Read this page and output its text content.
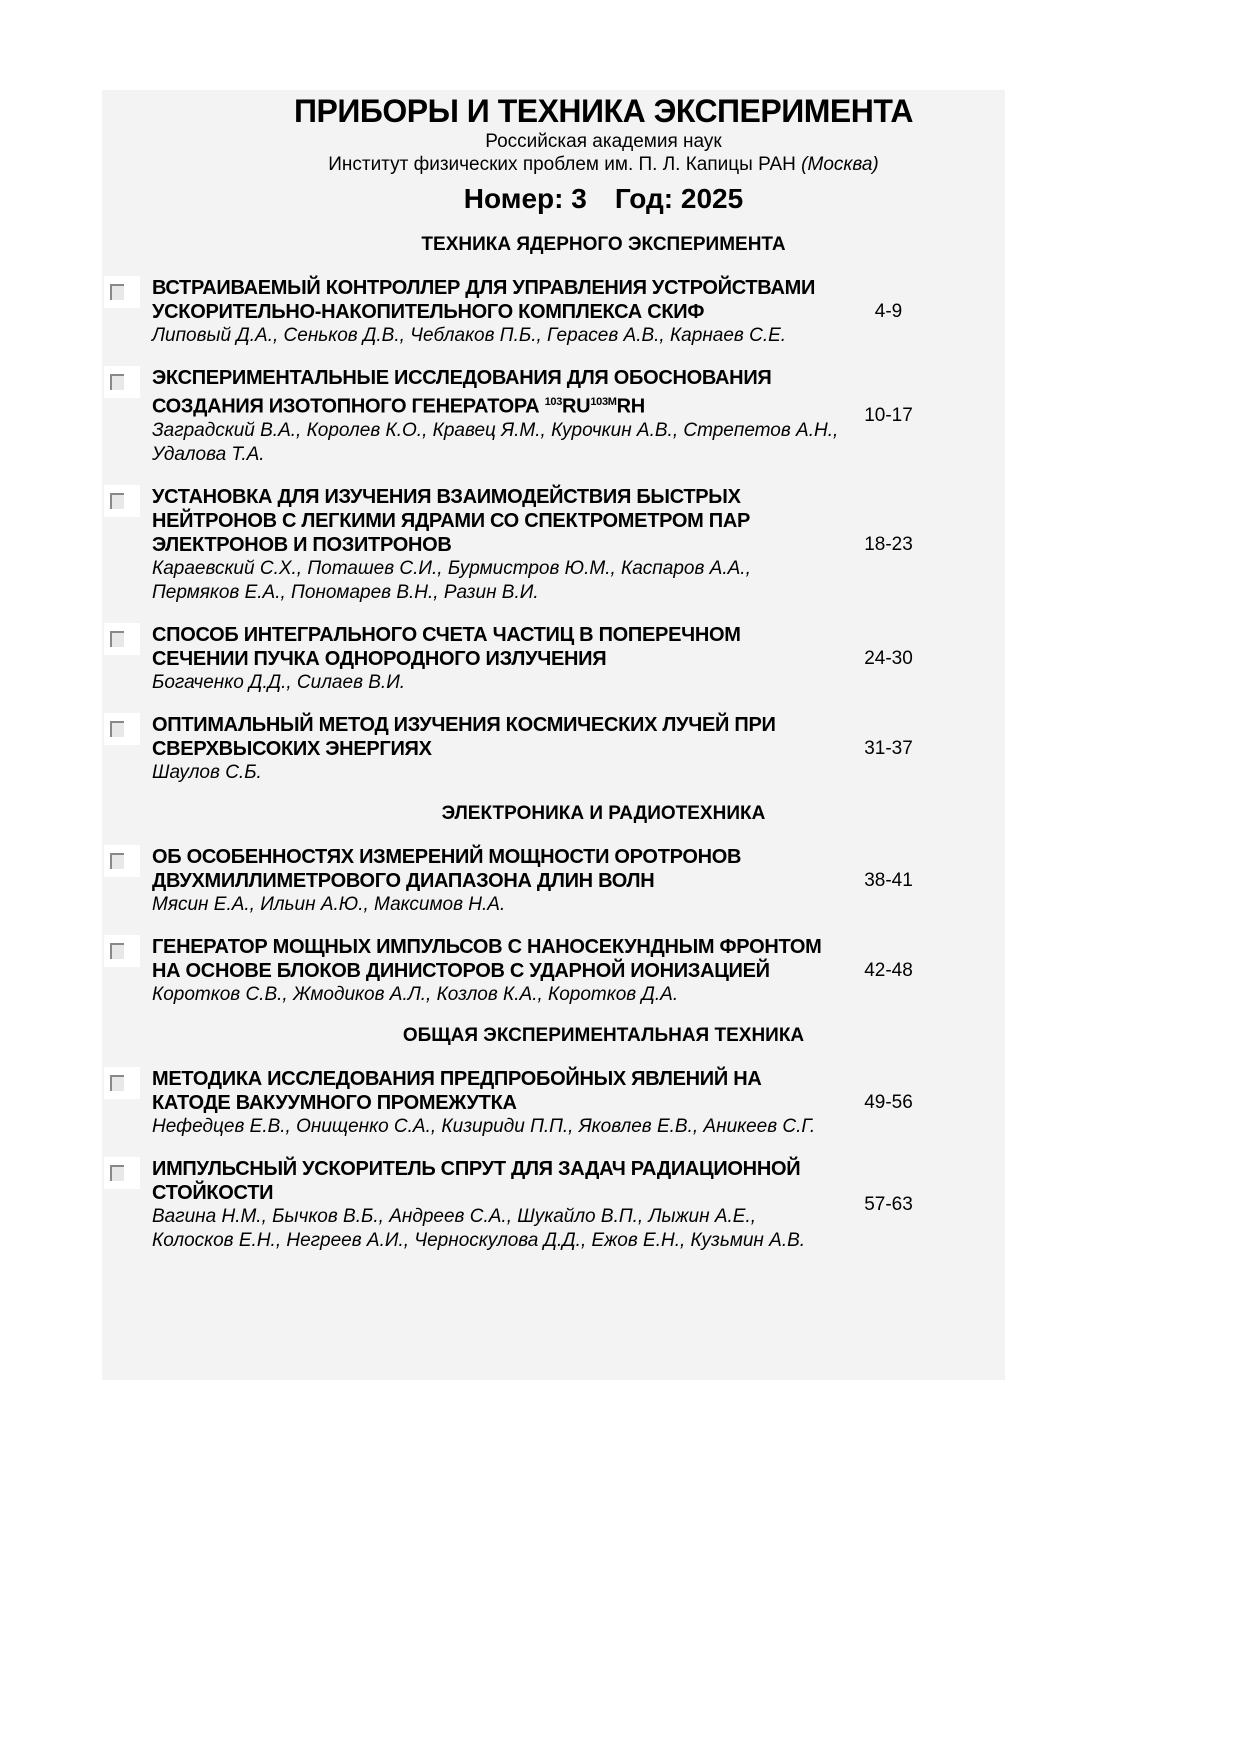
ПРИБОРЫ И ТЕХНИКА ЭКСПЕРИМЕНТА
Российская академия наук
Институт физических проблем им. П. Л. Капицы РАН (Москва)
Номер: 3 Год: 2025
ТЕХНИКА ЯДЕРНОГО ЭКСПЕРИМЕНТА
ВСТРАИВАЕМЫЙ КОНТРОЛЛЕР ДЛЯ УПРАВЛЕНИЯ УСТРОЙСТВАМИ УСКОРИТЕЛЬНО-НАКОПИТЕЛЬНОГО КОМПЛЕКСА СКИФ
Липовый Д.А., Сеньков Д.В., Чеблаков П.Б., Герасев А.В., Карнаев С.Е.
4-9
ЭКСПЕРИМЕНТАЛЬНЫЕ ИССЛЕДОВАНИЯ ДЛЯ ОБОСНОВАНИЯ СОЗДАНИЯ ИЗОТОПНОГО ГЕНЕРАТОРА $^{103}RU^{103M}RH$
Заградский В.А., Королев К.О., Кравец Я.М., Курочкин А.В., Стрепетов А.Н., Удалова Т.А.
10-17
УСТАНОВКА ДЛЯ ИЗУЧЕНИЯ ВЗАИМОДЕЙСТВИЯ БЫСТРЫХ НЕЙТРОНОВ С ЛЕГКИМИ ЯДРАМИ СО СПЕКТРОМЕТРОМ ПАР ЭЛЕКТРОНОВ И ПОЗИТРОНОВ
Караевский С.Х., Поташев С.И., Бурмистров Ю.М., Каспаров А.А., Пермяков Е.А., Пономарев В.Н., Разин В.И.
18-23
СПОСОБ ИНТЕГРАЛЬНОГО СЧЕТА ЧАСТИЦ В ПОПЕРЕЧНОМ СЕЧЕНИИ ПУЧКА ОДНОРОДНОГО ИЗЛУЧЕНИЯ
Богаченко Д.Д., Силаев В.И.
24-30
ОПТИМАЛЬНЫЙ МЕТОД ИЗУЧЕНИЯ КОСМИЧЕСКИХ ЛУЧЕЙ ПРИ СВЕРХВЫСОКИХ ЭНЕРГИЯХ
Шаулов С.Б.
31-37
ЭЛЕКТРОНИКА И РАДИОТЕХНИКА
ОБ ОСОБЕННОСТЯХ ИЗМЕРЕНИЙ МОЩНОСТИ ОРОТРОНОВ ДВУХМИЛЛИМЕТРОВОГО ДИАПАЗОНА ДЛИН ВОЛН
Мясин Е.А., Ильин А.Ю., Максимов Н.А.
38-41
ГЕНЕРАТОР МОЩНЫХ ИМПУЛЬСОВ С НАНОСЕКУНДНЫМ ФРОНТОМ НА ОСНОВЕ БЛОКОВ ДИНИСТОРОВ С УДАРНОЙ ИОНИЗАЦИЕЙ
Коротков С.В., Жмодиков А.Л., Козлов К.А., Коротков Д.А.
42-48
ОБЩАЯ ЭКСПЕРИМЕНТАЛЬНАЯ ТЕХНИКА
МЕТОДИКА ИССЛЕДОВАНИЯ ПРЕДПРОБОЙНЫХ ЯВЛЕНИЙ НА КАТОДЕ ВАКУУМНОГО ПРОМЕЖУТКА
Нефедцев Е.В., Онищенко С.А., Кизириди П.П., Яковлев Е.В., Аникеев С.Г.
49-56
ИМПУЛЬСНЫЙ УСКОРИТЕЛЬ СПРУТ ДЛЯ ЗАДАЧ РАДИАЦИОННОЙ СТОЙКОСТИ
Вагина Н.М., Бычков В.Б., Андреев С.А., Шукайло В.П., Лыжин А.Е., Колосков Е.Н., Негреев А.И., Черноскулова Д.Д., Ежов Е.Н., Кузьмин А.В.
57-63
